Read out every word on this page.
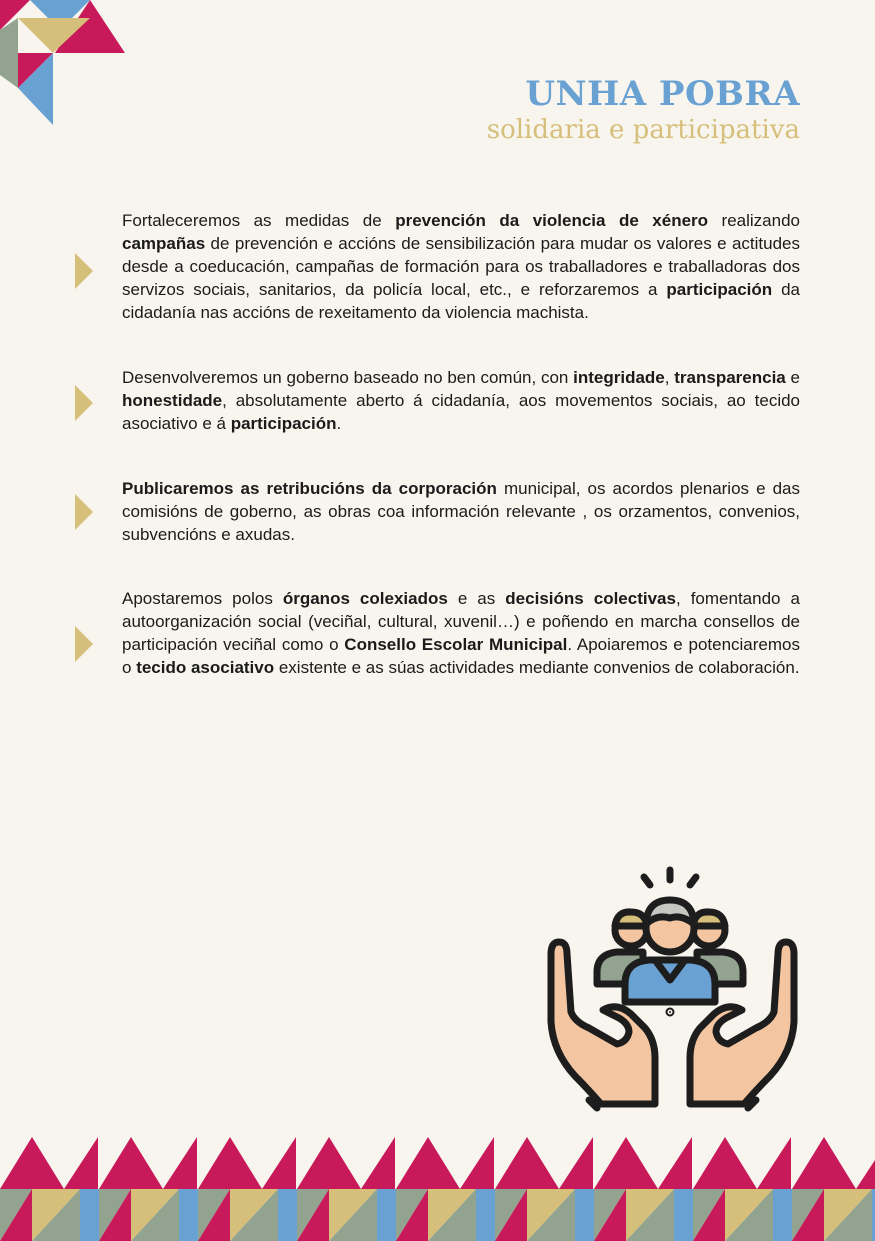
UNHA POBRA
solidaria e participativa

Fortaleceremos as medidas de prevención da violencia de xénero realizando campañas de prevención e accións de sensibilización para mudar os valores e actitudes desde a coeducación, campañas de formación para os traballadores e traballadoras dos servizos sociais, sanitarios, da policía local, etc., e reforzaremos a participación da cidadanía nas accións de rexeitamento da violencia machista.

Desenvolveremos un goberno baseado no ben común, con integridade, transparencia e honestidade, absolutamente aberto á cidadanía, aos movementos sociais, ao tecido asociativo e á participación.

Publicaremos as retribucións da corporación municipal, os acordos plenarios e das comisións de goberno, as obras coa información relevante , os orzamentos, convenios, subvencións e axudas.

Apostaremos polos órganos colexiados e as decisións colectivas, fomentando a autoorganización social (veciñal, cultural, xuvenil…) e poñendo en marcha consellos de participación veciñal como o Consello Escolar Municipal. Apoiaremos e potenciaremos o tecido asociativo existente e as súas actividades mediante convenios de colaboración.
